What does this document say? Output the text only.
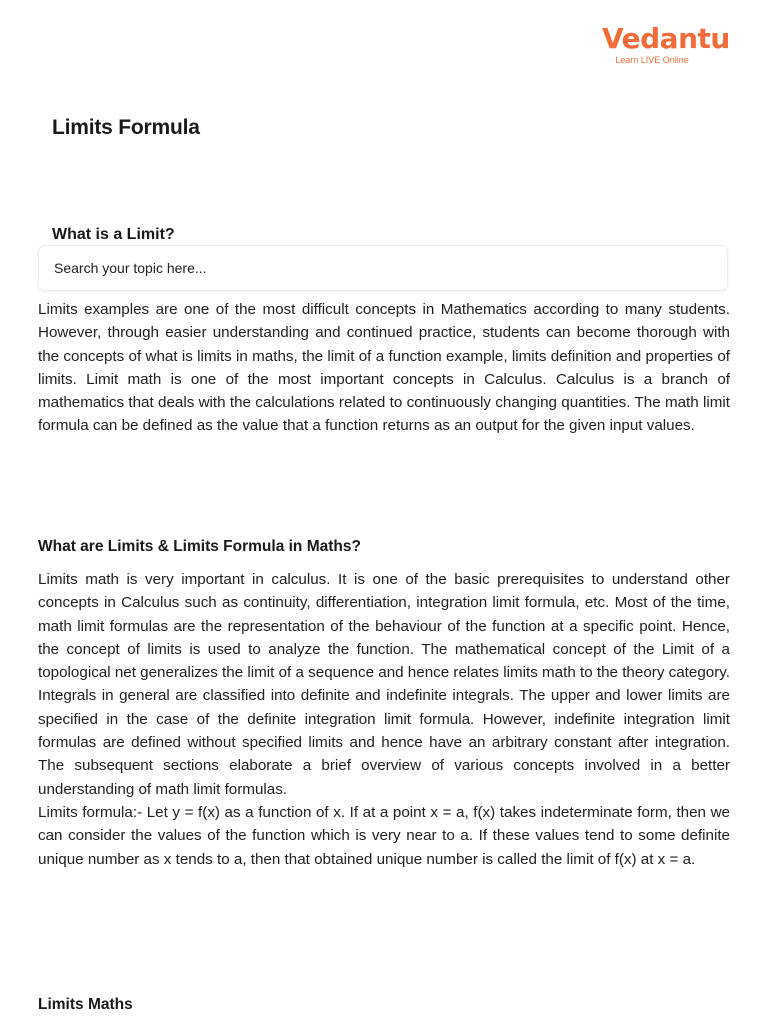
Vedantu
Learn LIVE Online
Limits Formula
What is a Limit?
Search your topic here...

Limits examples are one of the most difficult concepts in Mathematics according to many students. However, through easier understanding and continued practice, students can become thorough with the concepts of what is limits in maths, the limit of a function example, limits definition and properties of limits. Limit math is one of the most important concepts in Calculus. Calculus is a branch of mathematics that deals with the calculations related to continuously changing quantities. The math limit formula can be defined as the value that a function returns as an output for the given input values.

What are Limits & Limits Formula in Maths?
Limits math is very important in calculus. It is one of the basic prerequisites to understand other concepts in Calculus such as continuity, differentiation, integration limit formula, etc. Most of the time, math limit formulas are the representation of the behaviour of the function at a specific point. Hence, the concept of limits is used to analyze the function. The mathematical concept of the Limit of a topological net generalizes the limit of a sequence and hence relates limits math to the theory category. Integrals in general are classified into definite and indefinite integrals. The upper and lower limits are specified in the case of the definite integration limit formula. However, indefinite integration limit formulas are defined without specified limits and hence have an arbitrary constant after integration. The subsequent sections elaborate a brief overview of various concepts involved in a better understanding of math limit formulas.
Limits formula:- Let y = f(x) as a function of x. If at a point x = a, f(x) takes indeterminate form, then we can consider the values of the function which is very near to a. If these values tend to some definite unique number as x tends to a, then that obtained unique number is called the limit of f(x) at x = a.
Limits Maths
